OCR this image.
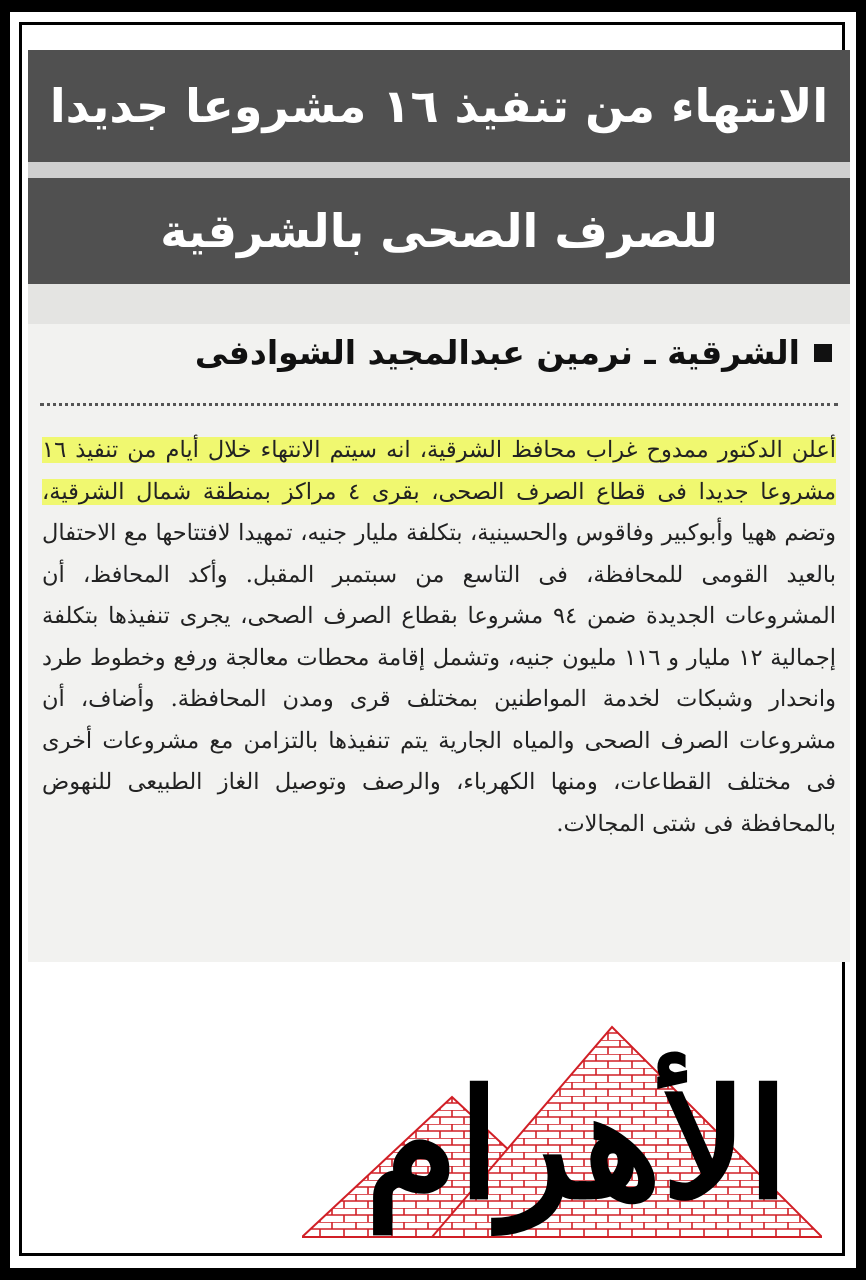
الانتهاء من تنفيذ ١٦ مشروعا جديدا
للصرف الصحى بالشرقية
الشرقية ـ نرمين عبدالمجيد الشوادفى
أعلن الدكتور ممدوح غراب محافظ الشرقية، انه سيتم الانتهاء خلال أيام من تنفيذ ١٦ مشروعا جديدا فى قطاع الصرف الصحى، بقرى ٤ مراكز بمنطقة شمال الشرقية، وتضم ههيا وأبوكبير وفاقوس والحسينية، بتكلفة مليار جنيه، تمهيدا لافتتاحها مع الاحتفال بالعيد القومى للمحافظة، فى التاسع من سبتمبر المقبل. وأكد المحافظ، أن المشروعات الجديدة ضمن ٩٤ مشروعا بقطاع الصرف الصحى، يجرى تنفيذها بتكلفة إجمالية ١٢ مليار و ١١٦ مليون جنيه، وتشمل إقامة محطات معالجة ورفع وخطوط طرد وانحدار وشبكات لخدمة المواطنين بمختلف قرى ومدن المحافظة. وأضاف، أن مشروعات الصرف الصحى والمياه الجارية يتم تنفيذها بالتزامن مع مشروعات أخرى فى مختلف القطاعات، ومنها الكهرباء، والرصف وتوصيل الغاز الطبيعى للنهوض بالمحافظة فى شتى المجالات.
الأهرام
